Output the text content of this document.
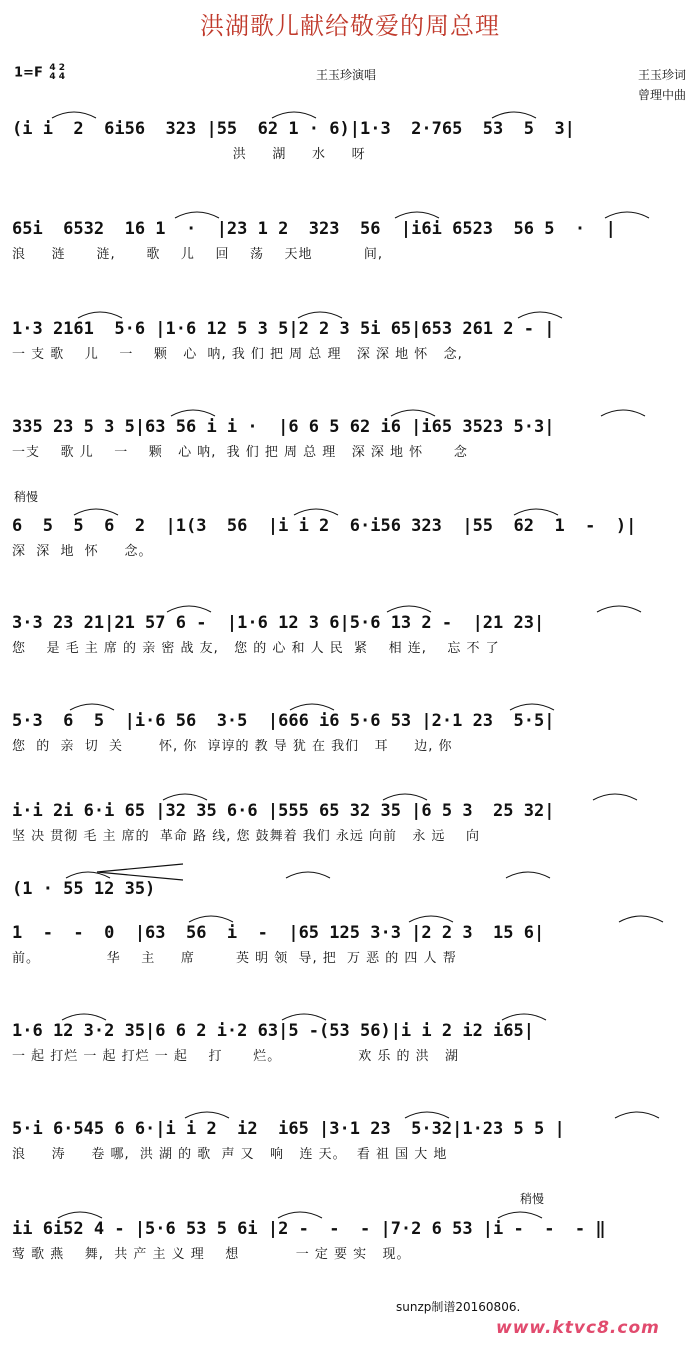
洪湖歌儿献给敬爱的周总理
1=F 4 2
4 4	王玉珍演唱	王玉珍词
曾理中曲
(i i  2  6i56  323 |55  62 1 · 6)|1·3  2·765  53  5  3|
洪     湖     水     呀
65i  6532  16 1  ·  |23 1 2  323  56  |i6i 6523  56 5  ·  |
浪     涟      涟,      歌    儿    回    荡    天地          间,
1·3 2161  5·6 |1·6 12 5 3 5|2 2 3 5i 65|653 261 2 - |
一 支 歌    儿    一    颗   心  呐, 我 们 把 周 总 理   深 深 地 怀   念,
335 23 5 3 5|63 56 i i ·  |6 6 5 62 i6 |i65 3523 5·3|
一支    歌 儿    一    颗   心 呐,  我 们 把 周 总 理   深 深 地 怀      念
稍慢
6  5  5  6  2  |1(3  56  |i i 2  6·i56 323  |55  62  1  -  )|
深  深  地  怀     念。
3·3 23 21|21 57 6 -  |1·6 12 3 6|5·6 13 2 -  |21 23|
您    是 毛 主 席 的 亲 密 战 友,   您 的 心 和 人 民  紧    相 连,    忘 不 了
5·3  6  5  |i·6 56  3·5  |666 i6 5·6 53 |2·1 23  5·5|
您  的  亲  切  关       怀, 你  谆谆的 教 导 犹 在 我们   耳     边, 你
i·i 2i 6·i 65 |32 35 6·6 |555 65 32 35 |6 5 3  25 32|
坚 决 贯彻 毛 主 席的  革命 路 线, 您 鼓舞着 我们 永远 向前   永 远    向
(1 · 55 12 35)
1  -  -  0  |63  56  i  -  |65 125 3·3 |2 2 3  15 6|
前。             华    主     席        英 明 领  导, 把  万 恶 的 四 人 帮
1·6 12 3·2 35|6 6 2 i·2 63|5 -(53 56)|i i 2 i2 i65|
一 起 打烂 一 起 打烂 一 起    打      烂。               欢 乐 的 洪   湖
5·i 6·545 6 6·|i i 2  i2  i65 |3·1 23  5·32|1·23 5 5 |
浪     涛     卷 哪,  洪 湖 的 歌  声 又   响   连 天。  看 祖 国 大 地
稍慢
ii 6i52 4 - |5·6 53 5 6i |2 -  -  - |7·2 6 53 |i -  -  - ‖
莺 歌 燕    舞,  共 产 主 义 理    想           一 定 要 实   现。
sunzp制谱20160806.
www.ktvc8.com
